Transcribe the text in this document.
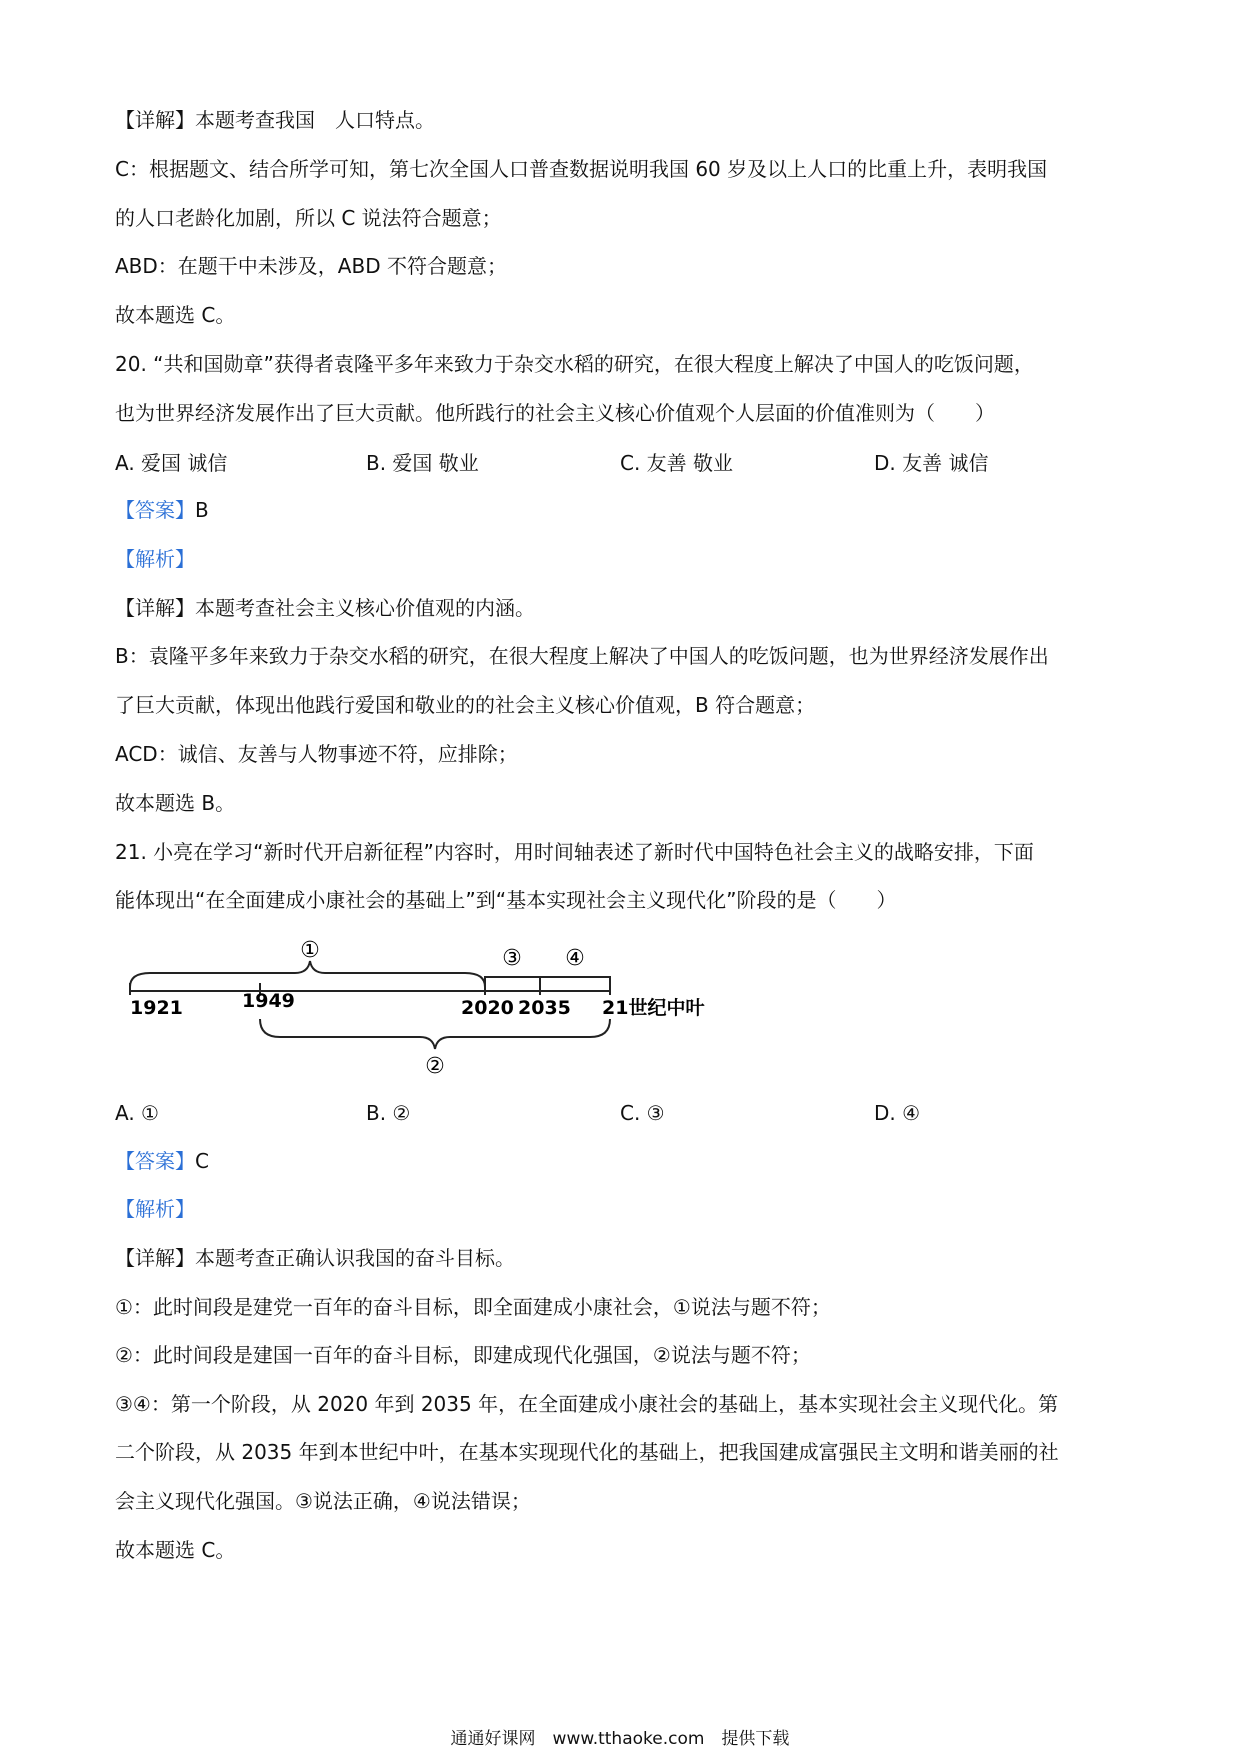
【详解】本题考查我国　人口特点。
C：根据题文、结合所学可知，第七次全国人口普查数据说明我国 60 岁及以上人口的比重上升，表明我国
的人口老龄化加剧，所以 C 说法符合题意；
ABD：在题干中未涉及，ABD 不符合题意；
故本题选 C。
20. “共和国勋章”获得者袁隆平多年来致力于杂交水稻的研究，在很大程度上解决了中国人的吃饭问题，
也为世界经济发展作出了巨大贡献。他所践行的社会主义核心价值观个人层面的价值准则为（　　）
A. 爱国 诚信	B. 爱国 敬业	C. 友善 敬业	D. 友善 诚信
【答案】B
【解析】
【详解】本题考查社会主义核心价值观的内涵。
B：袁隆平多年来致力于杂交水稻的研究，在很大程度上解决了中国人的吃饭问题，也为世界经济发展作出
了巨大贡献，体现出他践行爱国和敬业的的社会主义核心价值观，B 符合题意；
ACD：诚信、友善与人物事迹不符，应排除；
故本题选 B。
21. 小亮在学习“新时代开启新征程”内容时，用时间轴表述了新时代中国特色社会主义的战略安排，下面
能体现出“在全面建成小康社会的基础上”到“基本实现社会主义现代化”阶段的是（　　）
1921	1949	2020 2035 21世纪中叶
①	③ ④
②
A. ①	B. ②	C. ③	D. ④
【答案】C
【解析】
【详解】本题考查正确认识我国的奋斗目标。
①：此时间段是建党一百年的奋斗目标，即全面建成小康社会，①说法与题不符；
②：此时间段是建国一百年的奋斗目标，即建成现代化强国，②说法与题不符；
③④：第一个阶段，从 2020 年到 2035 年，在全面建成小康社会的基础上，基本实现社会主义现代化。第
二个阶段，从 2035 年到本世纪中叶，在基本实现现代化的基础上，把我国建成富强民主文明和谐美丽的社
会主义现代化强国。③说法正确，④说法错误；
故本题选 C。
通通好课网　www.tthaoke.com　提供下载
